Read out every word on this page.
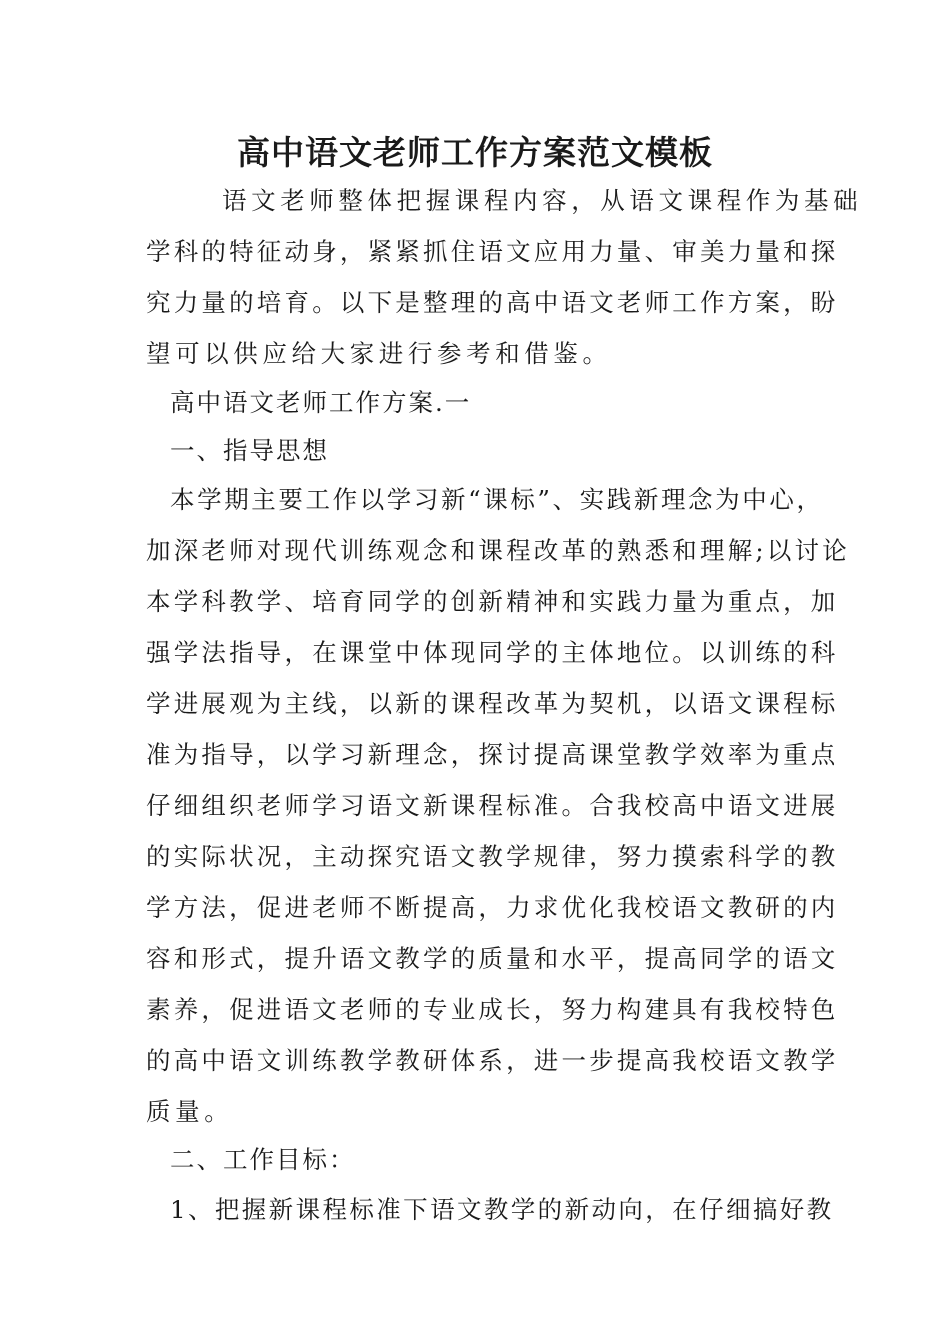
高中语文老师工作方案范文模板
语文老师整体把握课程内容，从语文课程作为基础
学科的特征动身，紧紧抓住语文应用力量、审美力量和探
究力量的培育。以下是整理的高中语文老师工作方案，盼
望可以供应给大家进行参考和借鉴。
高中语文老师工作方案.一
一、指导思想
本学期主要工作以学习新“课标”、实践新理念为中心，
加深老师对现代训练观念和课程改革的熟悉和理解;以讨论
本学科教学、培育同学的创新精神和实践力量为重点，加
强学法指导，在课堂中体现同学的主体地位。以训练的科
学进展观为主线，以新的课程改革为契机，以语文课程标
准为指导，以学习新理念，探讨提高课堂教学效率为重点
仔细组织老师学习语文新课程标准。合我校高中语文进展
的实际状况，主动探究语文教学规律，努力摸索科学的教
学方法，促进老师不断提高，力求优化我校语文教研的内
容和形式，提升语文教学的质量和水平，提高同学的语文
素养，促进语文老师的专业成长，努力构建具有我校特色
的高中语文训练教学教研体系，进一步提高我校语文教学
质量。
二、工作目标：
1、把握新课程标准下语文教学的新动向，在仔细搞好教
